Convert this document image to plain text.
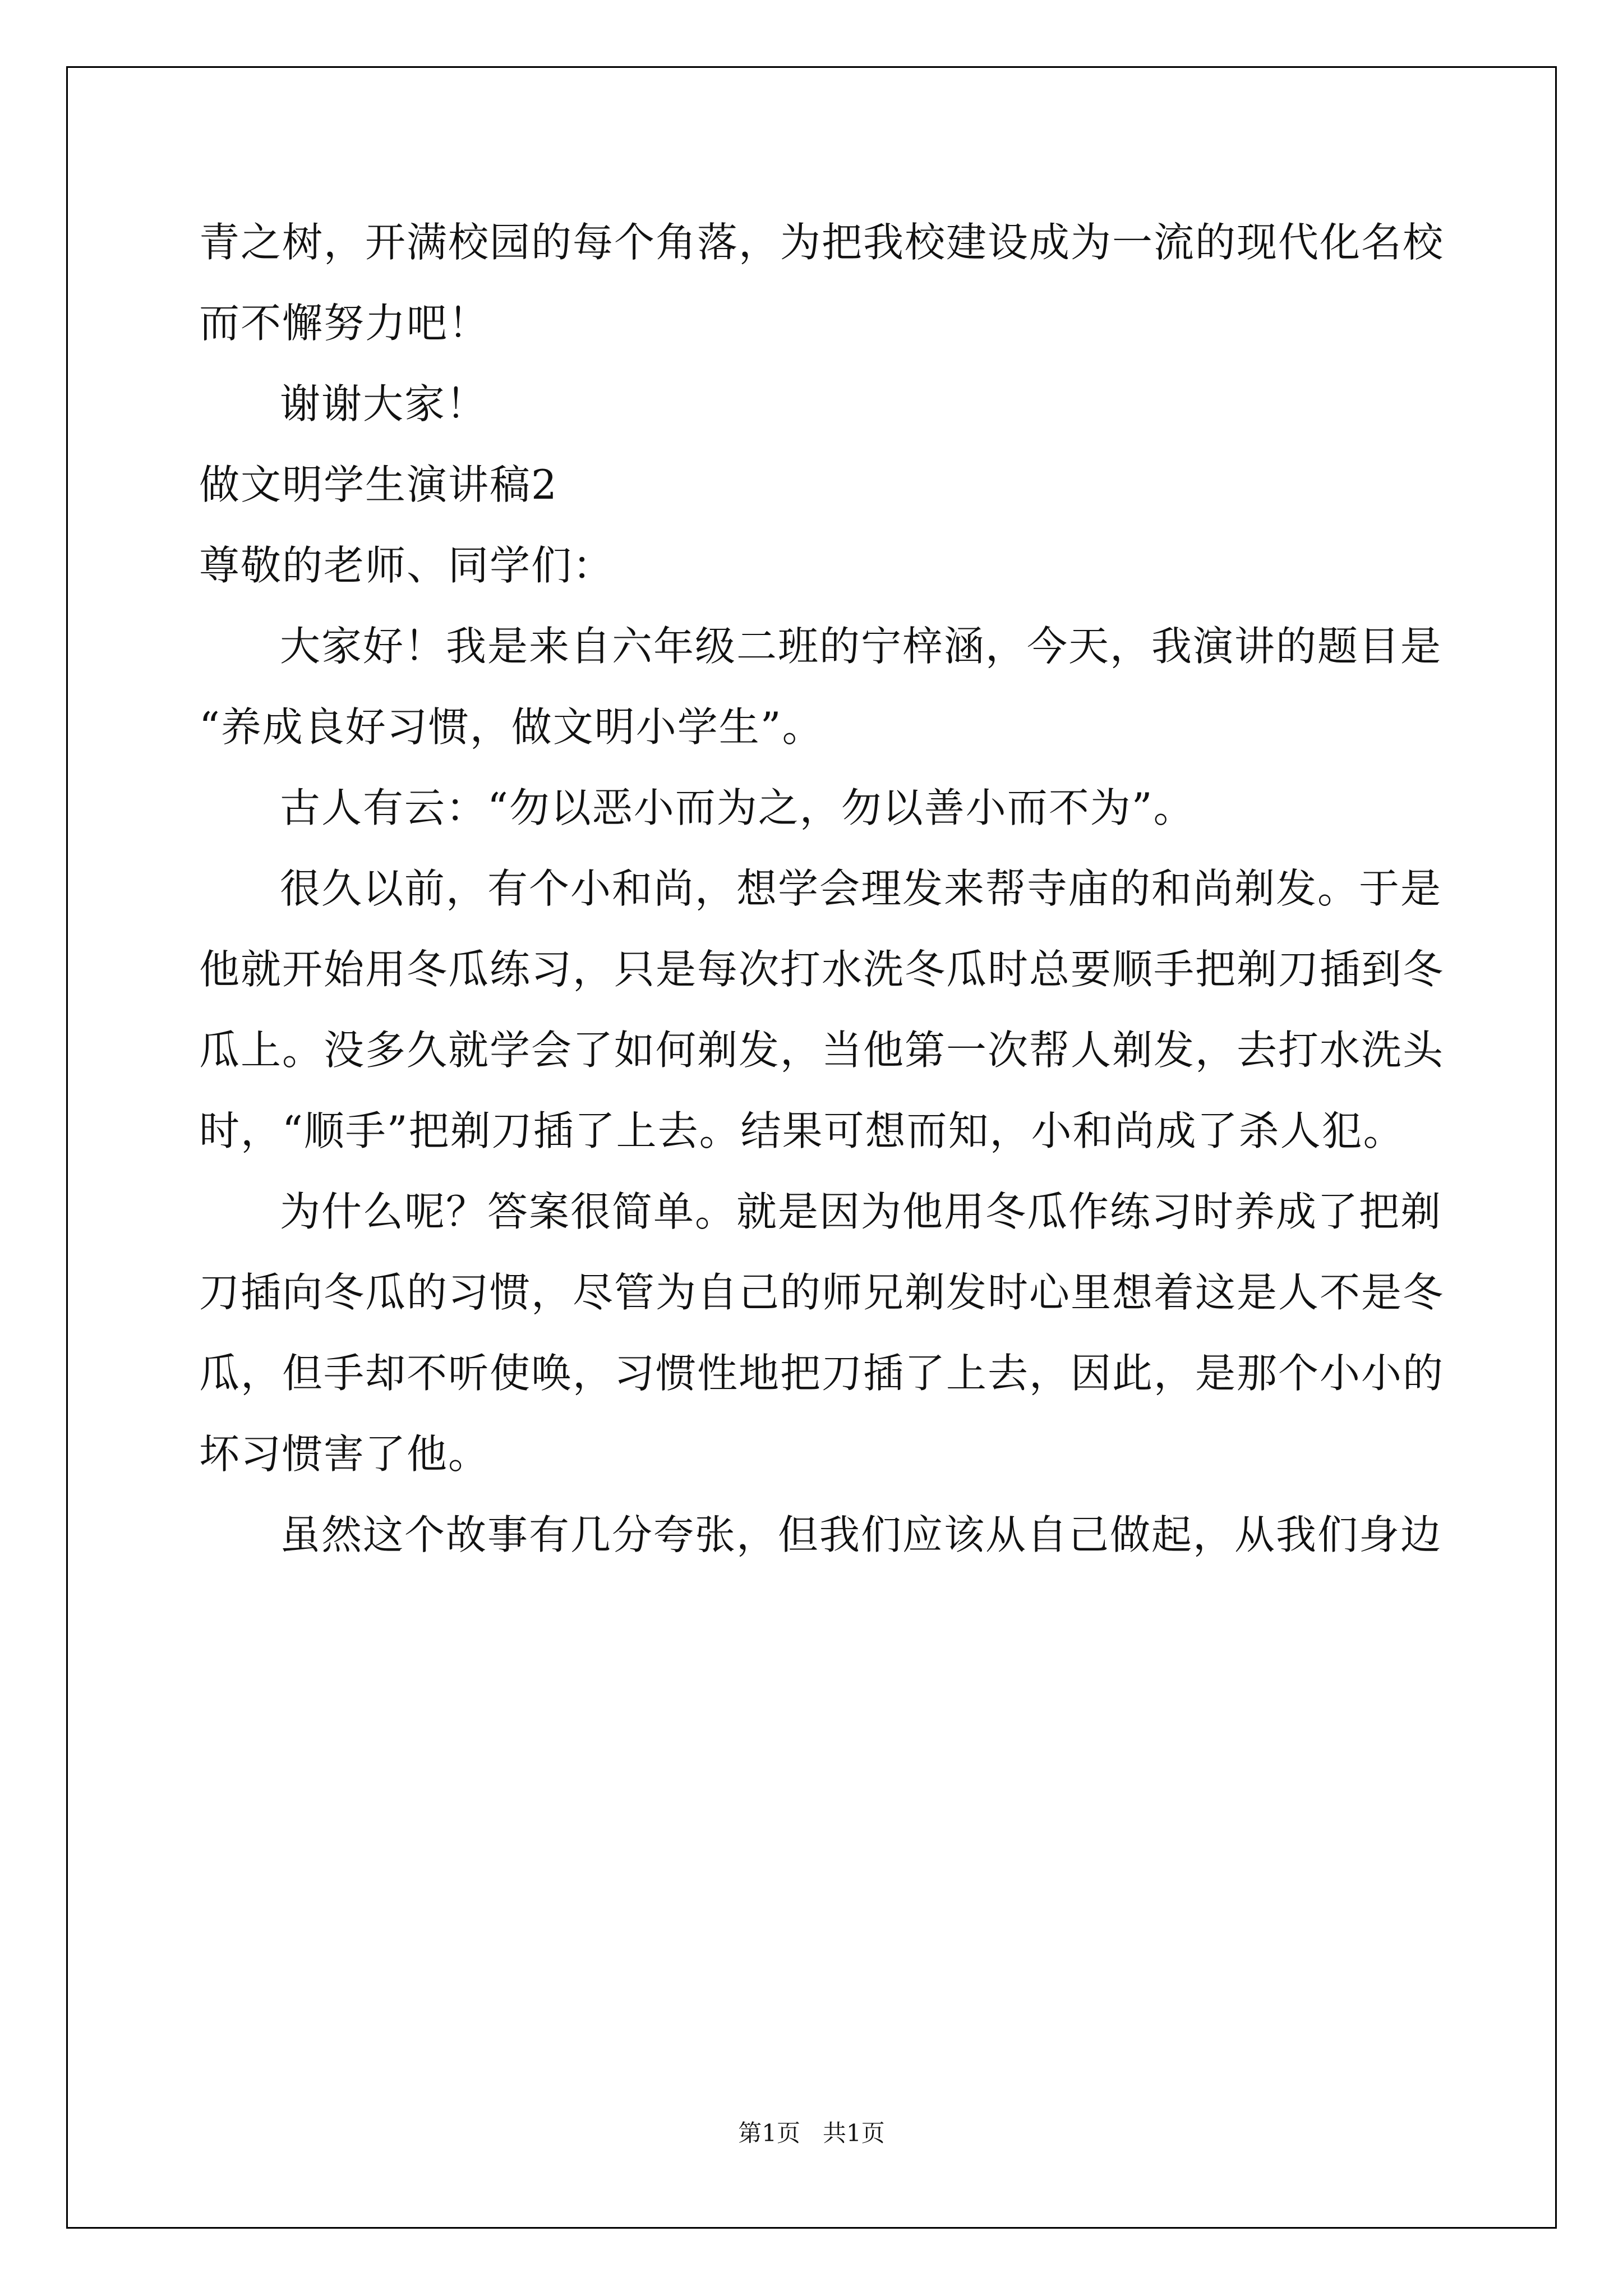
青之树，开满校园的每个角落，为把我校建设成为一流的现代化名校
而不懈努力吧！
谢谢大家！
做文明学生演讲稿2
尊敬的老师、同学们：
大家好！我是来自六年级二班的宁梓涵，今天，我演讲的题目是
“养成良好习惯，做文明小学生”。
古人有云：“勿以恶小而为之，勿以善小而不为”。
很久以前，有个小和尚，想学会理发来帮寺庙的和尚剃发。于是
他就开始用冬瓜练习，只是每次打水洗冬瓜时总要顺手把剃刀插到冬
瓜上。没多久就学会了如何剃发，当他第一次帮人剃发，去打水洗头
时，“顺手”把剃刀插了上去。结果可想而知，小和尚成了杀人犯。
为什么呢？答案很简单。就是因为他用冬瓜作练习时养成了把剃
刀插向冬瓜的习惯，尽管为自己的师兄剃发时心里想着这是人不是冬
瓜，但手却不听使唤，习惯性地把刀插了上去，因此，是那个小小的
坏习惯害了他。
虽然这个故事有几分夸张，但我们应该从自己做起，从我们身边
第1页   共1页
